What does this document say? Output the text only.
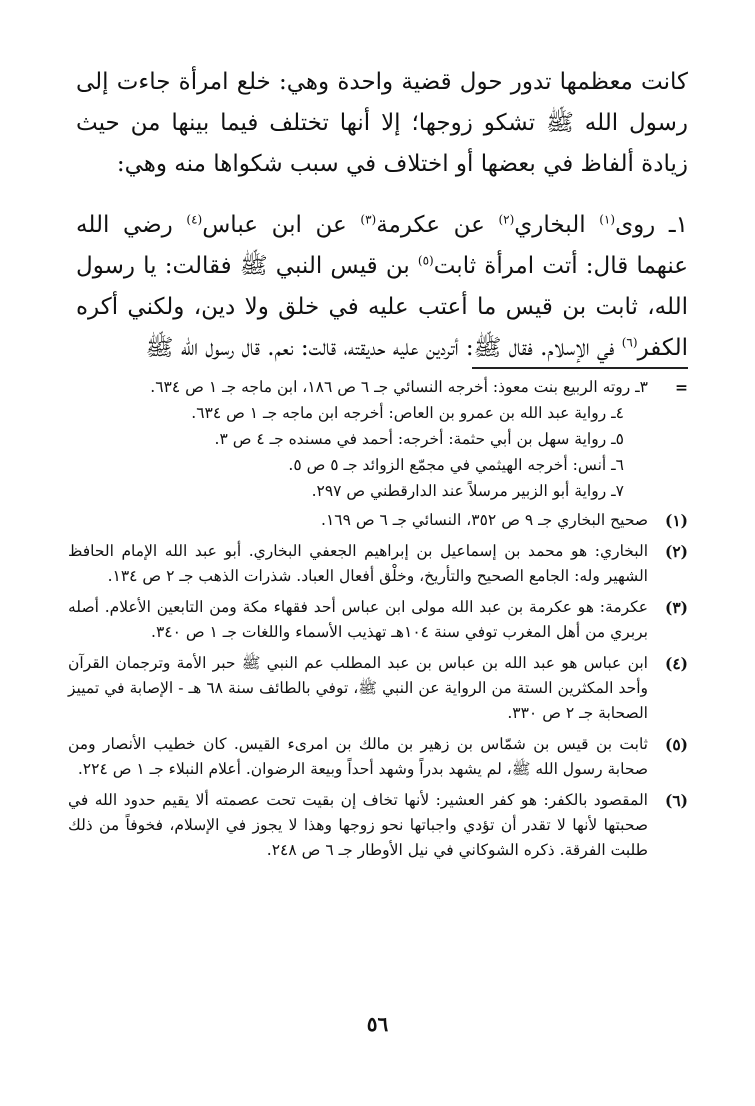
كانت معظمها تدور حول قضية واحدة وهي: خلع امرأة جاءت إلى رسول الله ﷺ تشكو زوجها؛ إلا أنها تختلف فيما بينها من حيث زيادة ألفاظ في بعضها أو اختلاف في سبب شكواها منه وهي:

١ـ روى$^{(١)}$ البخاري$^{(٢)}$ عن عكرمة$^{(٣)}$ عن ابن عباس$^{(٤)}$ رضي الله عنهما قال: أتت امرأة ثابت$^{(٥)}$ بن قيس النبي ﷺ فقالت: يا رسول الله، ثابت بن قيس ما أعتب عليه في خلق ولا دين، ولكني أكره الكفر$^{(٦)}$ في الإسلام. فقال ﷺ: أتردين عليه حديقته، قالت: نعم. قال رسول الله ﷺ

=
٣ـ روته الربيع بنت معوذ: أخرجه النسائي جـ ٦ ص ١٨٦، ابن ماجه جـ ١ ص ٦٣٤.
٤ـ رواية عبد الله بن عمرو بن العاص: أخرجه ابن ماجه جـ ١ ص ٦٣٤.
٥ـ رواية سهل بن أبي حثمة: أخرجه: أحمد في مسنده جـ ٤ ص ٣.
٦ـ أنس: أخرجه الهيثمي في مجمّع الزوائد جـ ٥ ص ٥.
٧ـ رواية أبو الزبير مرسلاً عند الدارقطني ص ٢٩٧.
(١)
صحيح البخاري جـ ٩ ص ٣٥٢، النسائي جـ ٦ ص ١٦٩.
(٢)
البخاري: هو محمد بن إسماعيل بن إبراهيم الجعفي البخاري. أبو عبد الله الإمام الحافظ الشهير وله: الجامع الصحيح والتأريخ، وخلْق أفعال العباد. شذرات الذهب جـ ٢ ص ١٣٤.
(٣)
عكرمة: هو عكرمة بن عبد الله مولى ابن عباس أحد فقهاء مكة ومن التابعين الأعلام. أصله بربري من أهل المغرب توفي سنة ١٠٤هـ تهذيب الأسماء واللغات جـ ١ ص ٣٤٠.
(٤)
ابن عباس هو عبد الله بن عباس بن عبد المطلب عم النبي ﷺ حبر الأمة وترجمان القرآن وأحد المكثرين الستة من الرواية عن النبي ﷺ، توفي بالطائف سنة ٦٨ هـ - الإصابة في تمييز الصحابة جـ ٢ ص ٣٣٠.
(٥)
ثابت بن قيس بن شمّاس بن زهير بن مالك بن امرىء القيس. كان خطيب الأنصار ومن صحابة رسول الله ﷺ، لم يشهد بدراً وشهد أحداً وبيعة الرضوان. أعلام النبلاء جـ ١ ص ٢٢٤.
(٦)
المقصود بالكفر: هو كفر العشير: لأنها تخاف إن بقيت تحت عصمته ألا يقيم حدود الله في صحبتها لأنها لا تقدر أن تؤدي واجباتها نحو زوجها وهذا لا يجوز في الإسلام، فخوفاً من ذلك طلبت الفرقة. ذكره الشوكاني في نيل الأوطار جـ ٦ ص ٢٤٨.
٥٦
